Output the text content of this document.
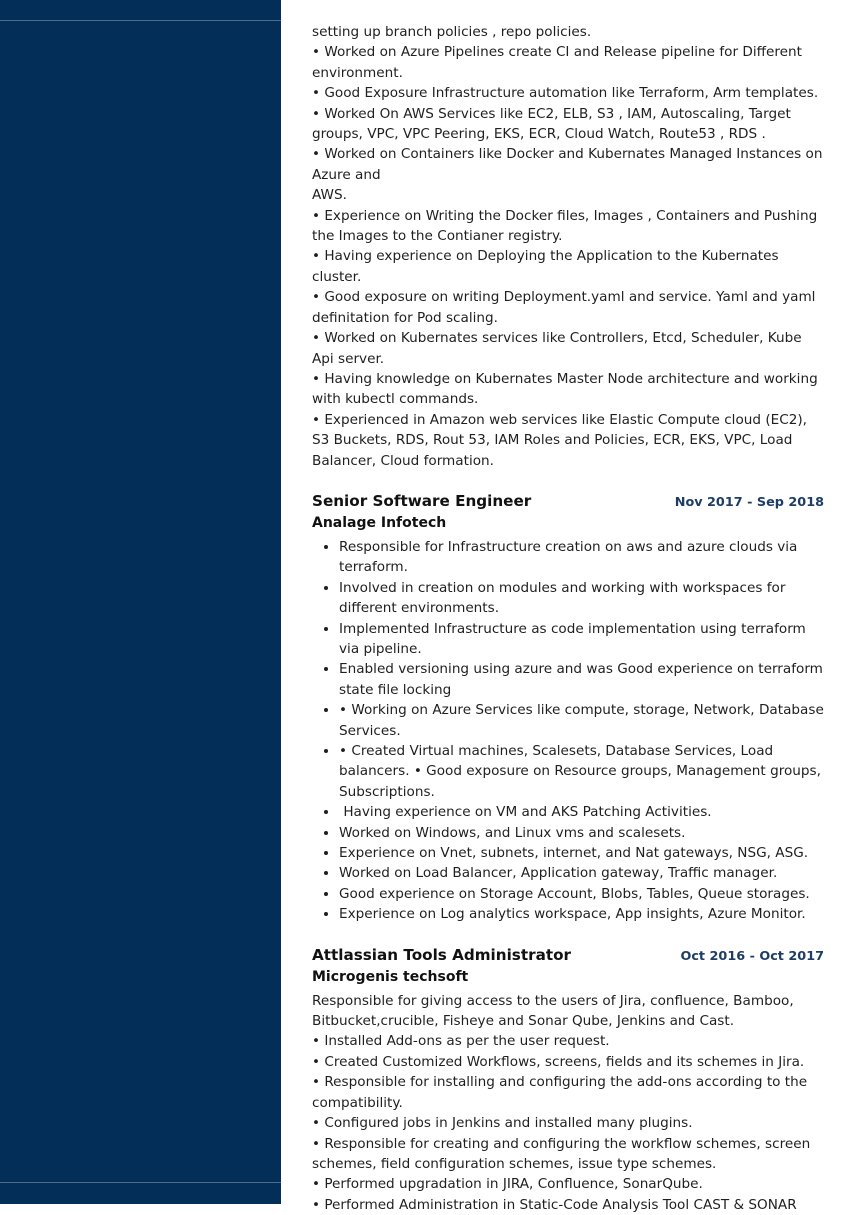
setting up branch policies , repo policies.

• Worked on Azure Pipelines create CI and Release pipeline for Different environment.

• Good Exposure Infrastructure automation like Terraform, Arm templates.

• Worked On AWS Services like EC2, ELB, S3 , IAM, Autoscaling, Target groups, VPC, VPC Peering, EKS, ECR, Cloud Watch, Route53 , RDS .

• Worked on Containers like Docker and Kubernates Managed Instances on Azure and

AWS.

• Experience on Writing the Docker files, Images , Containers and Pushing the Images to the Contianer registry.

• Having experience on Deploying the Application to the Kubernates cluster.

• Good exposure on writing Deployment.yaml and service. Yaml and yaml definitation for Pod scaling.

• Worked on Kubernates services like Controllers, Etcd, Scheduler, Kube Api server.

• Having knowledge on Kubernates Master Node architecture and working with kubectl commands.

• Experienced in Amazon web services like Elastic Compute cloud (EC2), S3 Buckets, RDS, Rout 53, IAM Roles and Policies, ECR, EKS, VPC, Load Balancer, Cloud formation.

Senior Software Engineer	Nov 2017 - Sep 2018
Analage Infotech
• Responsible for Infrastructure creation on aws and azure clouds via terraform.
• Involved in creation on modules and working with workspaces for different environments.
• Implemented Infrastructure as code implementation using terraform via pipeline.
• Enabled versioning using azure and was Good experience on terraform state file locking
• • Working on Azure Services like compute, storage, Network, Database Services.
• • Created Virtual machines, Scalesets, Database Services, Load balancers. • Good exposure on Resource groups, Management groups, Subscriptions.
•  Having experience on VM and AKS Patching Activities.
• Worked on Windows, and Linux vms and scalesets.
• Experience on Vnet, subnets, internet, and Nat gateways, NSG, ASG.
• Worked on Load Balancer, Application gateway, Traffic manager.
• Good experience on Storage Account, Blobs, Tables, Queue storages.
• Experience on Log analytics workspace, App insights, Azure Monitor.
Attlassian Tools Administrator	Oct 2016 - Oct 2017
Microgenis techsoft

Responsible for giving access to the users of Jira, confluence, Bamboo, Bitbucket,crucible, Fisheye and Sonar Qube, Jenkins and Cast.

• Installed Add-ons as per the user request.

• Created Customized Workflows, screens, fields and its schemes in Jira.

• Responsible for installing and configuring the add-ons according to the compatibility.

• Configured jobs in Jenkins and installed many plugins.

• Responsible for creating and configuring the workflow schemes, screen schemes, field configuration schemes, issue type schemes.

• Performed upgradation in JIRA, Confluence, SonarQube.

• Performed Administration in Static-Code Analysis Tool CAST & SONAR
